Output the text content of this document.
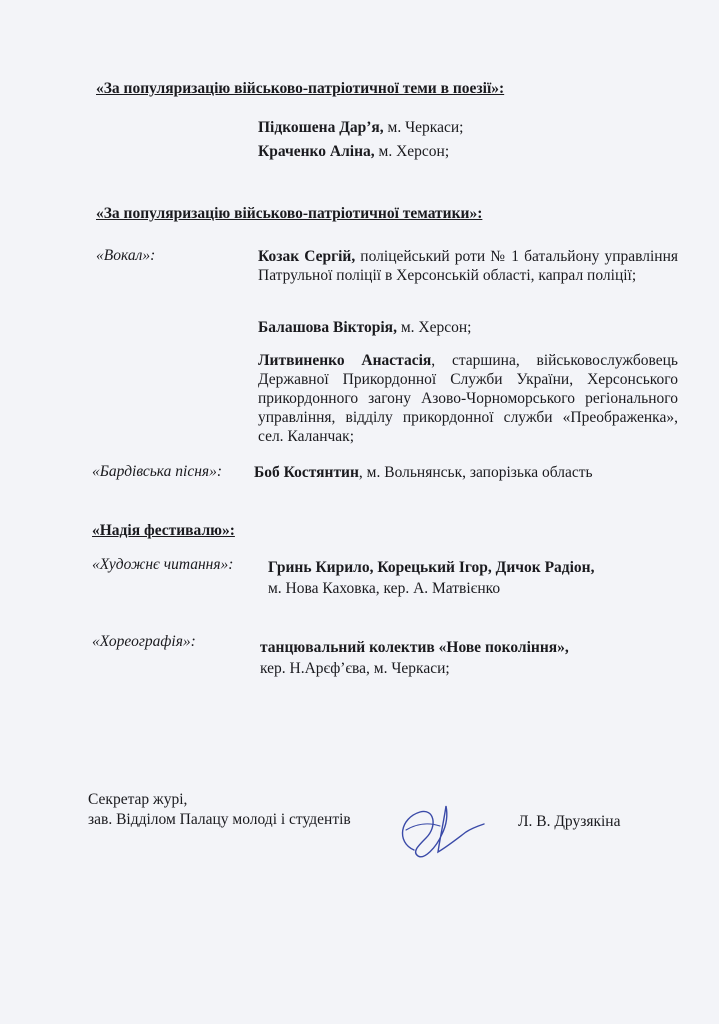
«За популяризацію військово-патріотичної теми в поезії»:
Підкошена Дар’я, м. Черкаси;
Краченко Аліна, м. Херсон;
«За популяризацію військово-патріотичної тематики»:
«Вокал»:	Козак Сергій, поліцейський роти № 1 батальйону управління Патрульної поліції в Херсонській області, капрал поліції;
Балашова Вікторія, м. Херсон;
Литвиненко Анастасія, старшина, військовослужбовець Державної Прикордонної Служби України, Херсонського прикордонного загону Азово-Чорноморського регіонального управління, відділу прикордонної служби «Преображенка», сел. Каланчак;
«Бардівська пісня»: Боб Костянтин, м. Вольнянськ, запорізька область
«Надія фестивалю»:
«Художнє читання»: Гринь Кирило, Корецький Ігор, Дичок Радіон,
м. Нова Каховка, кер. А. Матвієнко
«Хореографія»:	танцювальний колектив «Нове покоління»,
кер. Н.Арєф’єва, м. Черкаси;
Секретар журі,
зав. Відділом Палацу молоді і студентів	Л. В. Друзякіна
